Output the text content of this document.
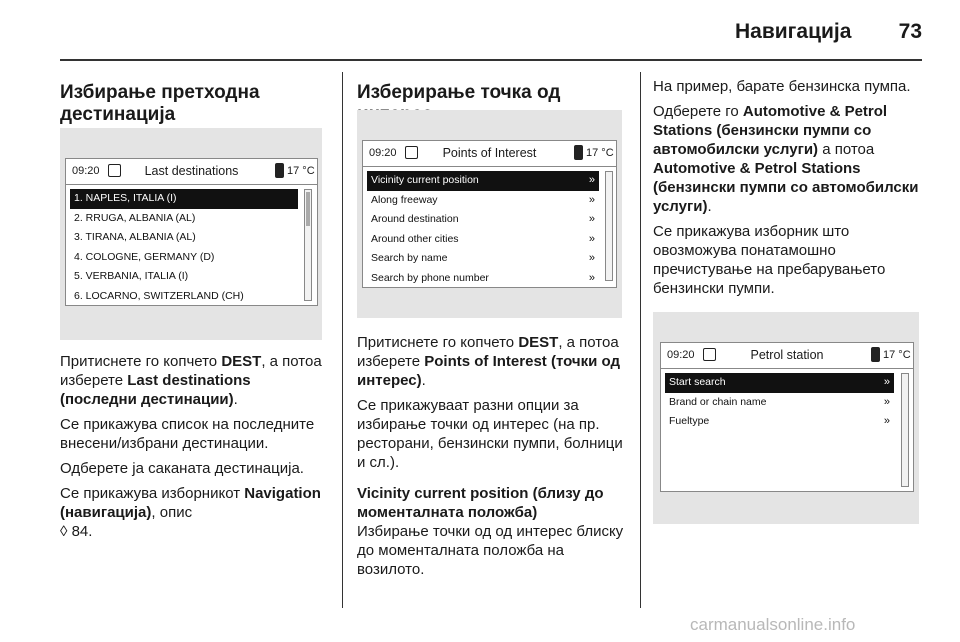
Навигација	73
Избирање претходна дестинација
09:20	Last destinations	17 °C
1. NAPLES, ITALIA (I)
2. RRUGA, ALBANIA (AL)
3. TIRANA, ALBANIA (AL)
4. COLOGNE, GERMANY (D)
5. VERBANIA, ITALIA (I)
6. LOCARNO, SWITZERLAND (CH)

Притиснете го копчето DEST, а потоа изберете Last destinations (последни дестинации).

Се прикажува список на последните внесени/избрани дестинации.

Одберете ја саканата дестинација.

Се прикажува изборникот Navigation (навигација), опис

◊ 84.

Изберирање точка од
09:20	Points of Interest	17 °C
Vicinity current position	»
Along freeway	»
Around destination	»
Around other cities	»
Search by name	»
Search by phone number	»

Притиснете го копчето DEST, а потоа изберете Points of Interest (точки од интерес).

Се прикажуваат разни опции за избирање точки од интерес (на пр. ресторани, бензински пумпи, болници и сл.).

Vicinity current position (близу до моменталната положба)

Избирање точки од од интерес блиску до моменталната положба на возилото.

На пример, барате бензинска пумпа.

Одберете го Automotive & Petrol Stations (бензински пумпи со автомобилски услуги) а потоа Automotive & Petrol Stations (бензински пумпи со автомобилски услуги).

Се прикажува изборник што овозможува понатамошно пречистување на пребарувањето бензински пумпи.

09:20	Petrol station	17 °C
Start search	»
Brand or chain name	»
Fueltype	»
carmanualsonline.info
